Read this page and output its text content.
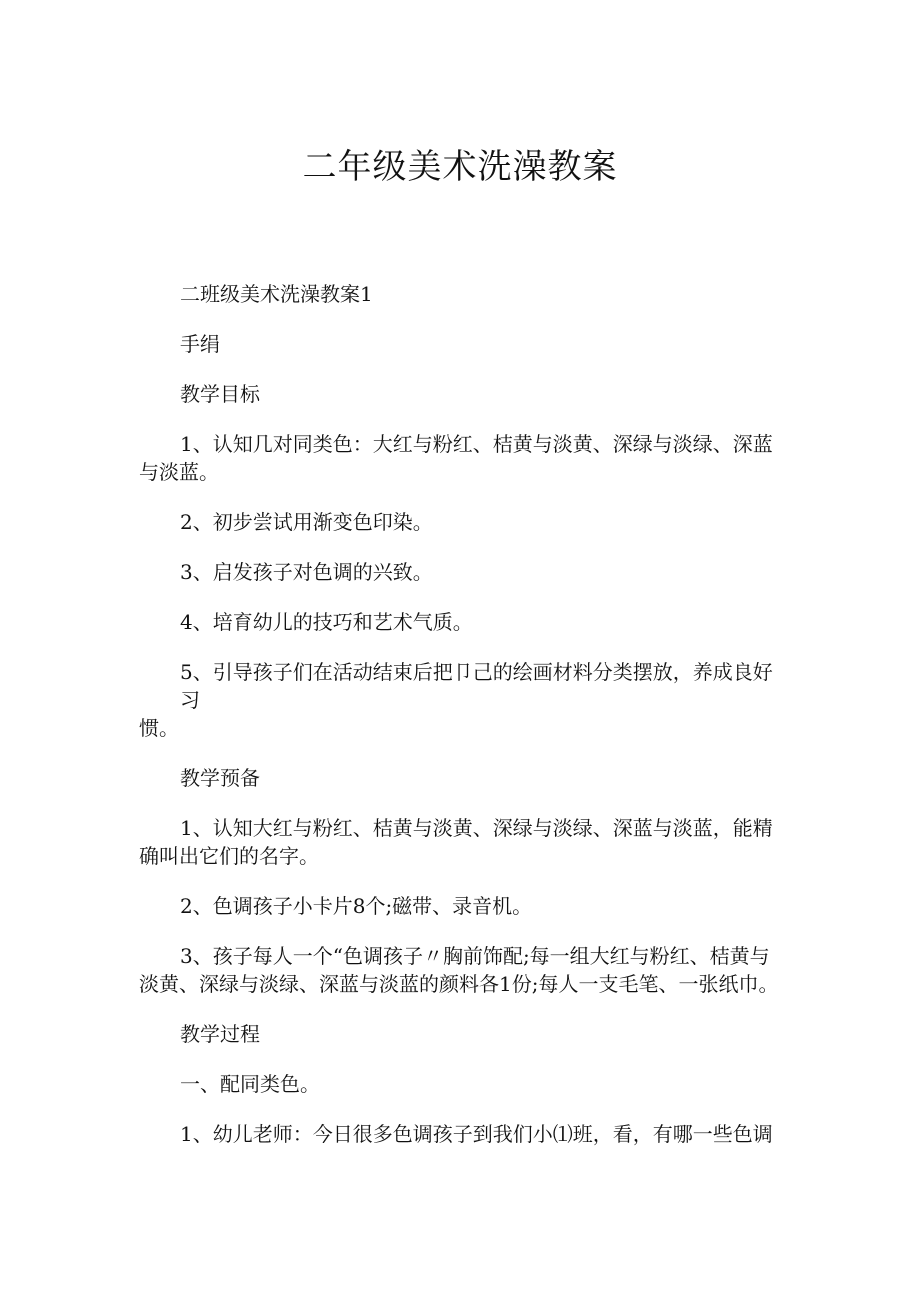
二年级美术洗澡教案
二班级美术洗澡教案1
手绢
教学目标
1、认知几对同类色：大红与粉红、桔黄与淡黄、深绿与淡绿、深蓝
与淡蓝。
2、初步尝试用渐变色印染。
3、启发孩子对色调的兴致。
4、培育幼儿的技巧和艺术气质。
5、引导孩子们在活动结束后把卩己的绘画材料分类摆放，养成良好习
惯。
教学预备
1、认知大红与粉红、桔黄与淡黄、深绿与淡绿、深蓝与淡蓝，能精
确叫出它们的名字。
2、色调孩子小卡片8个;磁带、录音机。
3、孩子每人一个“色调孩子〃胸前饰配;每一组大红与粉红、桔黄与
淡黄、深绿与淡绿、深蓝与淡蓝的颜料各1份;每人一支毛笔、一张纸巾。
教学过程
一、配同类色。
1、幼儿老师：今日很多色调孩子到我们小⑴班，看，有哪一些色调
